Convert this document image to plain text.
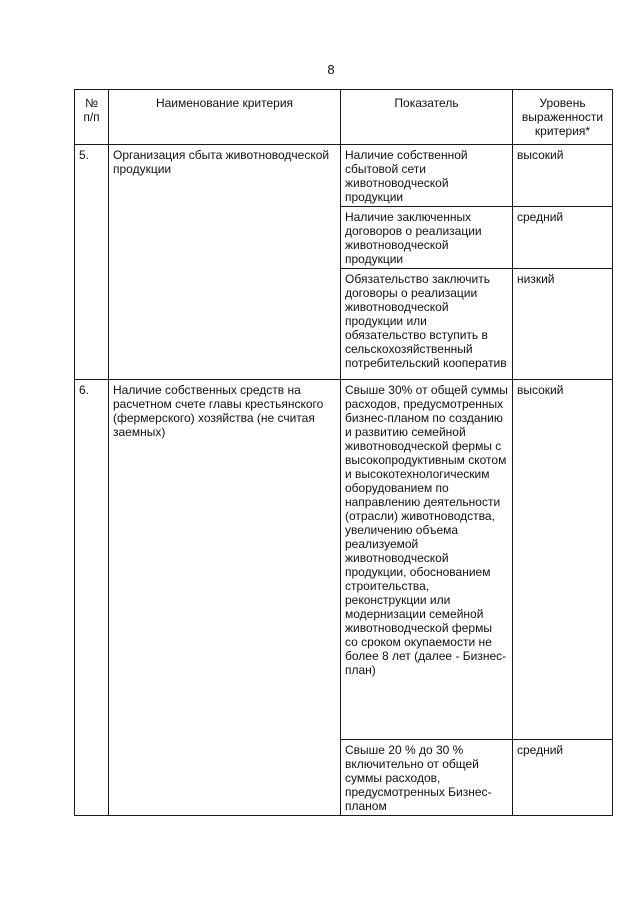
8
№ п/п	Наименование критерия	Показатель	Уровень выраженности критерия*
5.	Организация сбыта животноводческой продукции	Наличие собственной сбытовой сети животноводческой продукции	высокий
		Наличие заключенных договоров о реализации животноводческой продукции	средний
		Обязательство заключить договоры о реализации животноводческой продукции или обязательство вступить в сельскохозяйственный потребительский кооператив	низкий
6.	Наличие собственных средств на расчетном счете главы крестьянского (фермерского) хозяйства (не считая заемных)	Свыше 30% от общей суммы расходов, предусмотренных бизнес-планом по созданию и развитию семейной животноводческой фермы с высокопродуктивным скотом и высокотехнологическим оборудованием по направлению деятельности (отрасли) животноводства, увеличению объема реализуемой животноводческой продукции, обоснованием строительства, реконструкции или модернизации семейной животноводческой фермы со сроком окупаемости не более 8 лет (далее - Бизнес-план)	высокий
		Свыше 20 % до 30 % включительно от общей суммы расходов, предусмотренных Бизнес-планом	средний
